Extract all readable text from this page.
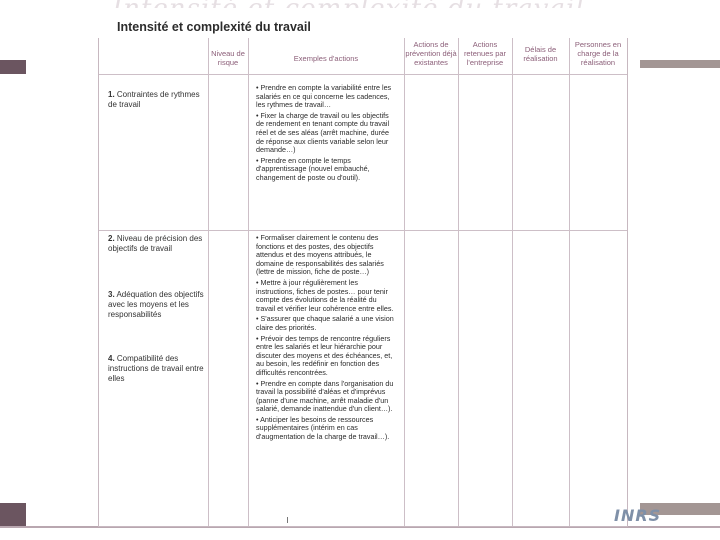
Intensité et complexité du travail
Niveau de risque	Exemples d'actions
Actions de prévention déjà existantes
Actions retenues par l'entreprise
Délais de réalisation
Personnes en charge de la réalisation
1. Contraintes de rythmes de travail
2. Niveau de précision des objectifs de travail
3. Adéquation des objectifs avec les moyens et les responsabilités
4. Compatibilité des instructions de travail entre elles

• Prendre en compte la variabilité entre les salariés en ce qui concerne les cadences, les rythmes de travail…

• Fixer la charge de travail ou les objectifs de rendement en tenant compte du travail réel et de ses aléas (arrêt machine, durée de réponse aux clients variable selon leur demande…)

• Prendre en compte le temps d'apprentissage (nouvel embauché, changement de poste ou d'outil).

• Formaliser clairement le contenu des fonctions et des postes, des objectifs attendus et des moyens attribués, le domaine de responsabilités des salariés (lettre de mission, fiche de poste…)

• Mettre à jour régulièrement les instructions, fiches de postes… pour tenir compte des évolutions de la réalité du travail et vérifier leur cohérence entre elles.

• S'assurer que chaque salarié a une vision claire des priorités.

• Prévoir des temps de rencontre réguliers entre les salariés et leur hiérarchie pour discuter des moyens et des échéances, et, au besoin, les redéfinir en fonction des difficultés rencontrées.

• Prendre en compte dans l'organisation du travail la possibilité d'aléas et d'imprévus (panne d'une machine, arrêt maladie d'un salarié, demande inattendue d'un client…).

• Anticiper les besoins de ressources supplémentaires (intérim en cas d'augmentation de la charge de travail…).

INRS
